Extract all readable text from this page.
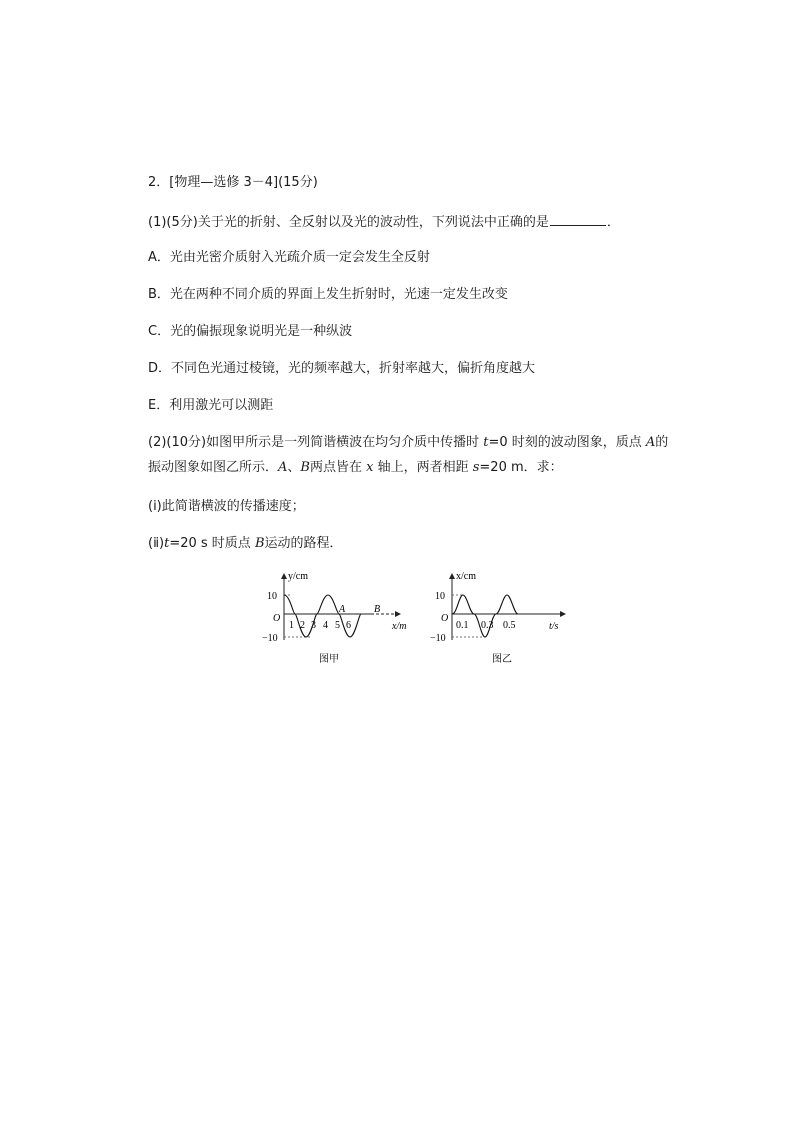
2．[物理—选修 3－4](15分)
(1)(5分)关于光的折射、全反射以及光的波动性，下列说法中正确的是	．
A．光由光密介质射入光疏介质一定会发生全反射
B．光在两种不同介质的界面上发生折射时，光速一定发生改变
C．光的偏振现象说明光是一种纵波
D．不同色光通过棱镜，光的频率越大，折射率越大，偏折角度越大
E．利用激光可以测距
(2)(10分)如图甲所示是一列简谐横波在均匀介质中传播时 t=0 时刻的波动图象，质点 A的振动图象如图乙所示．A、B两点皆在 x 轴上，两者相距 s=20 m．求：
(ⅰ)此简谐横波的传播速度；
(ⅱ)t=20 s 时质点 B运动的路程．
y/cm
10
−10
O
1 2 3 4 5 6
A	B
x/m
图甲
x/cm
10
−10
O
0.1 0.3 0.5	t/s
图乙
